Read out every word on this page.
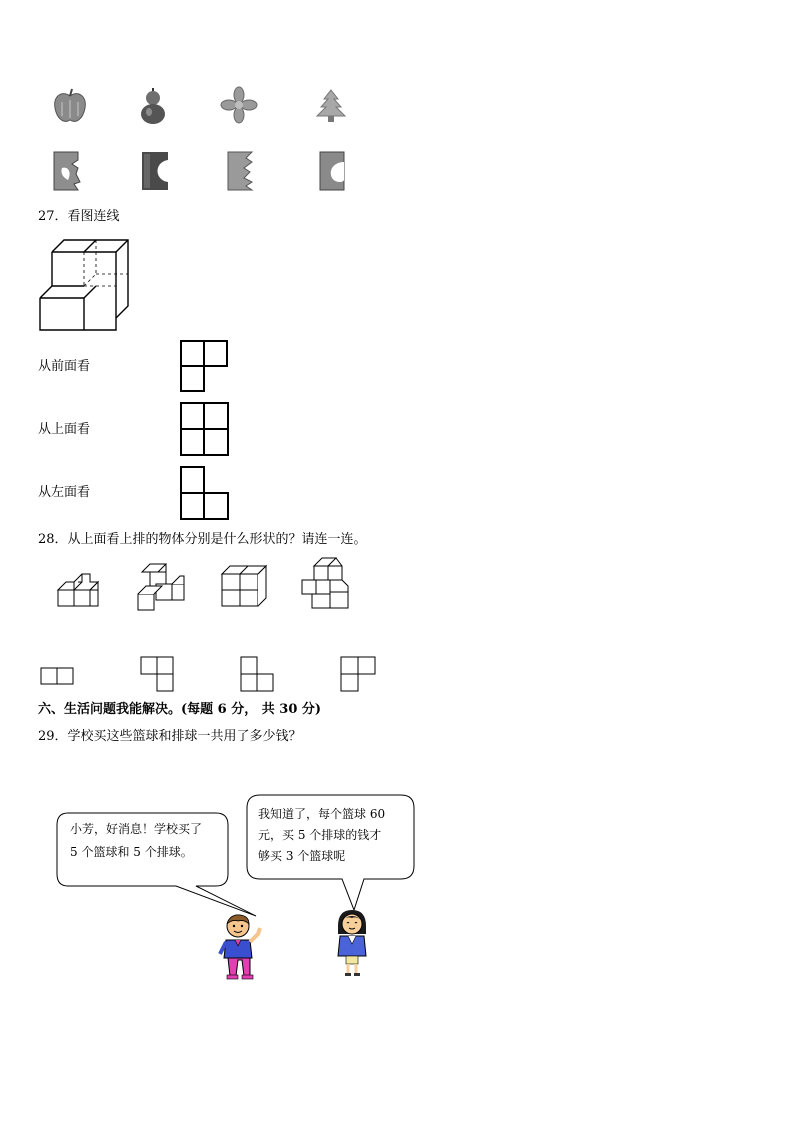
27．看图连线
从前面看
从上面看
从左面看
28．从上面看上排的物体分别是什么形状的？请连一连。
六、生活问题我能解决。(每题 6 分， 共 30 分)
29．学校买这些篮球和排球一共用了多少钱？
小芳，好消息！学校买了
5 个篮球和 5 个排球。
我知道了，每个篮球 60
元，买 5 个排球的钱才
够买 3 个篮球呢
